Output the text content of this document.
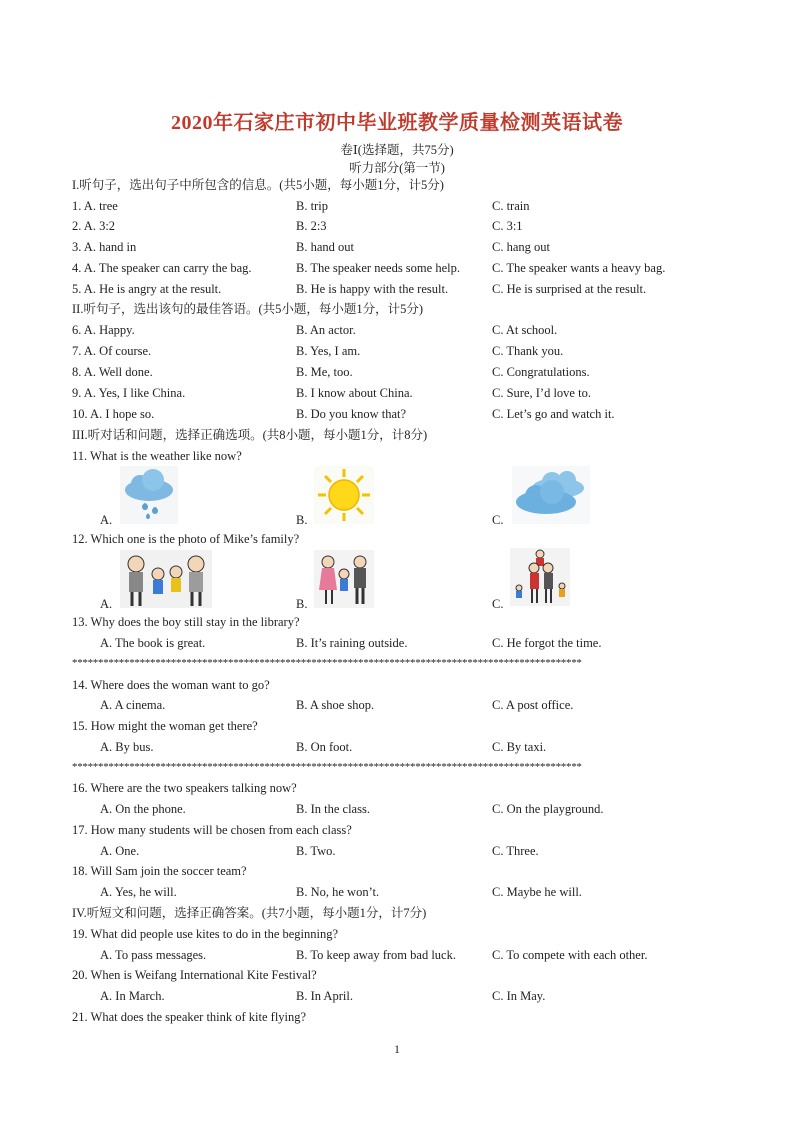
2020年石家庄市初中毕业班教学质量检测英语试卷
卷Ⅰ(选择题，共75分)
听力部分(第一节)
I.听句子，选出句子中所包含的信息。(共5小题，每小题1分，计5分)
1. A. tree	B. trip	C. train
2. A. 3:2	B. 2:3	C. 3:1
3. A. hand in	B. hand out	C. hang out
4. A. The speaker can carry the bag.	B. The speaker needs some help.	C. The speaker wants a heavy bag.
5. A. He is angry at the result.	B. He is happy with the result.	C. He is surprised at the result.
II.听句子，选出该句的最佳答语。(共5小题，每小题1分，计5分)
6. A. Happy.	B. An actor.	C. At school.
7. A. Of course.	B. Yes, I am.	C. Thank you.
8. A. Well done.	B. Me, too.	C. Congratulations.
9. A. Yes, I like China.	B. I know about China.	C. Sure, I’d love to.
10. A. I hope so.	B. Do you know that?	C. Let’s go and watch it.
III.听对话和问题，选择正确选项。(共8小题，每小题1分，计8分)
11. What is the weather like now?
A.	B.	C.
12. Which one is the photo of Mike’s family?
A.	B.	C.
13. Why does the boy still stay in the library?
A. The book is great.	B. It’s raining outside.	C. He forgot the time.
**************************************************************************************************
14. Where does the woman want to go?
A. A cinema.	B. A shoe shop.	C. A post office.
15. How might the woman get there?
A. By bus.	B. On foot.	C. By taxi.
**************************************************************************************************
16. Where are the two speakers talking now?
A. On the phone.	B. In the class.	C. On the playground.
17. How many students will be chosen from each class?
A. One.	B. Two.	C. Three.
18. Will Sam join the soccer team?
A. Yes, he will.	B. No, he won’t.	C. Maybe he will.
IV.听短文和问题，选择正确答案。(共7小题，每小题1分，计7分)
19. What did people use kites to do in the beginning?
A. To pass messages.	B. To keep away from bad luck.	C. To compete with each other.
20. When is Weifang International Kite Festival?
A. In March.	B. In April.	C. In May.
21. What does the speaker think of kite flying?
1
